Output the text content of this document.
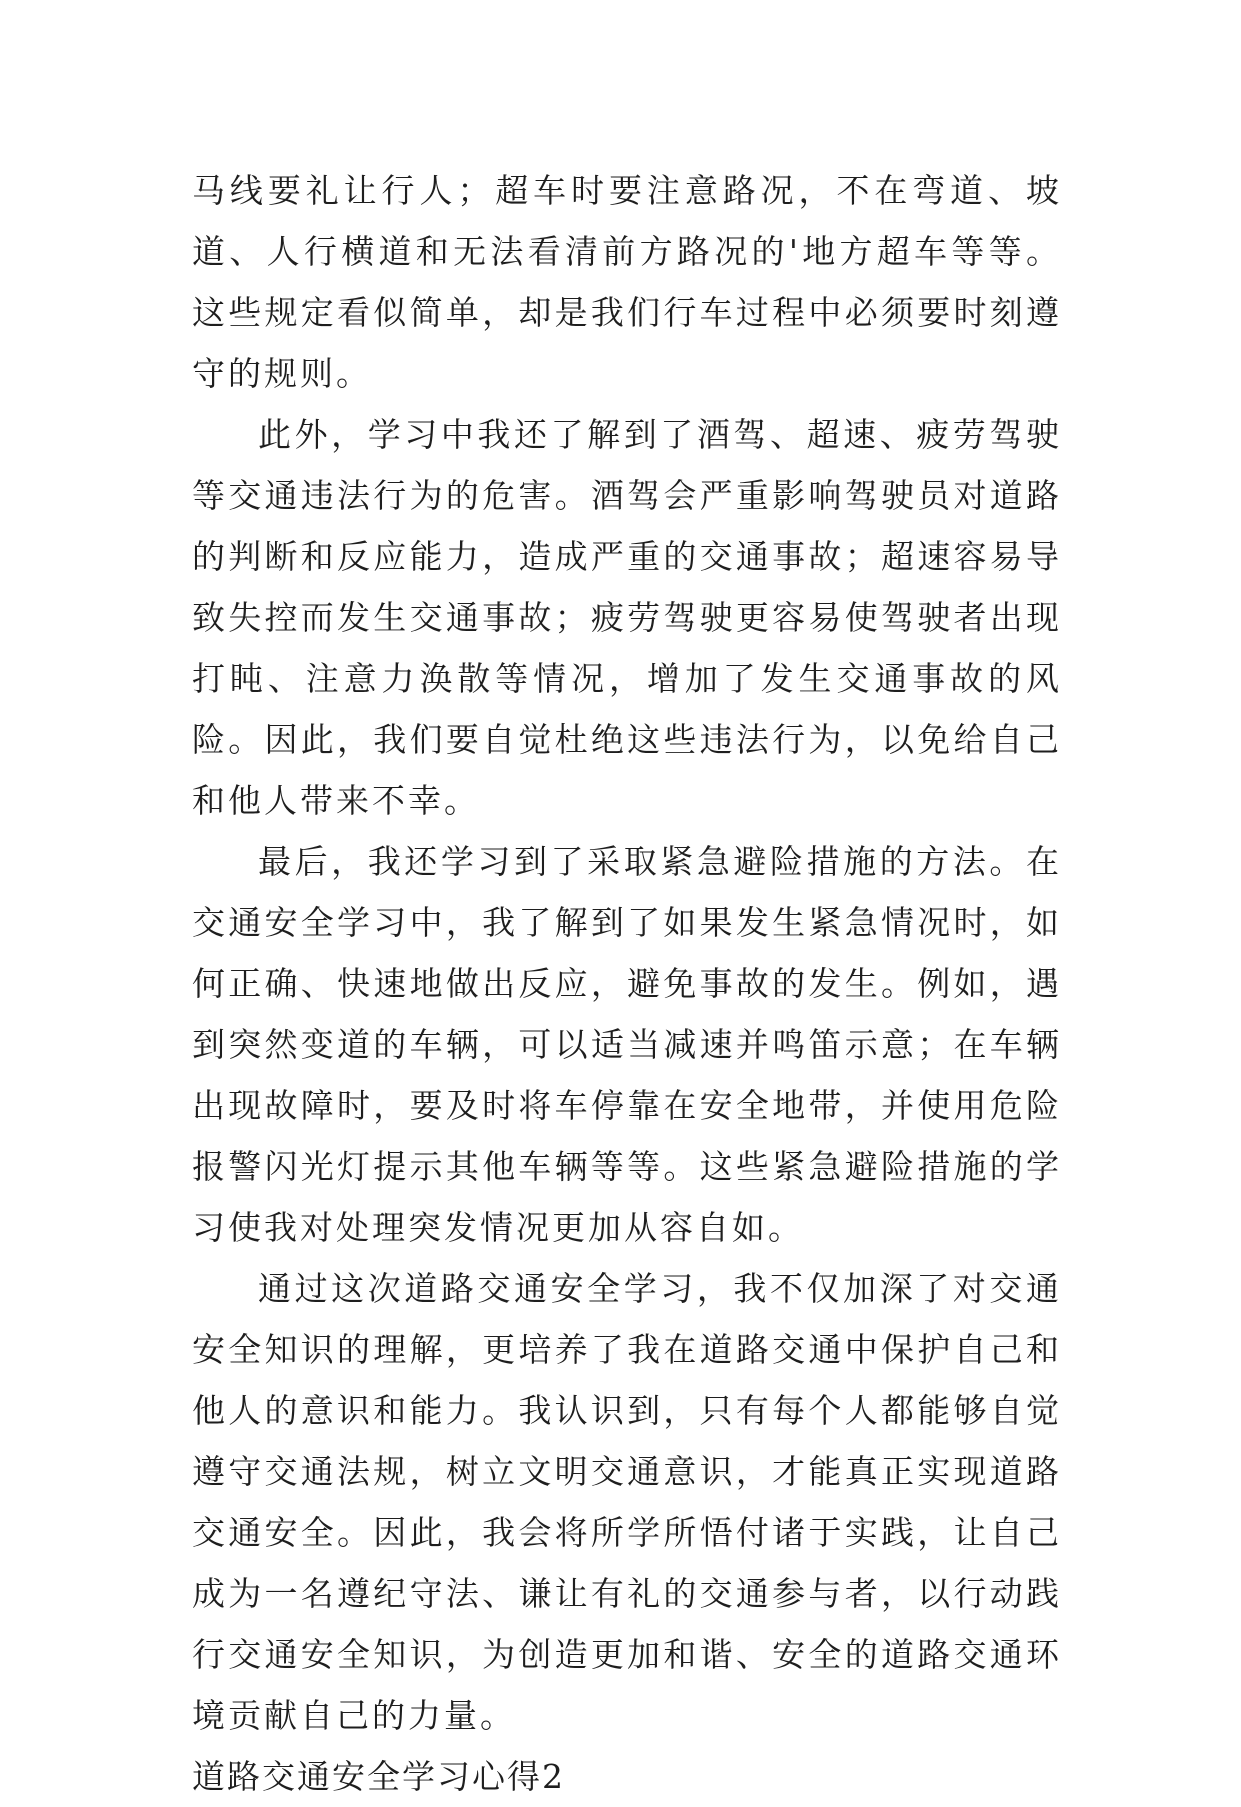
马线要礼让行人；超车时要注意路况，不在弯道、坡道、人行横道和无法看清前方路况的'地方超车等等。这些规定看似简单，却是我们行车过程中必须要时刻遵守的规则。

此外，学习中我还了解到了酒驾、超速、疲劳驾驶等交通违法行为的危害。酒驾会严重影响驾驶员对道路的判断和反应能力，造成严重的交通事故；超速容易导致失控而发生交通事故；疲劳驾驶更容易使驾驶者出现打盹、注意力涣散等情况，增加了发生交通事故的风险。因此，我们要自觉杜绝这些违法行为，以免给自己和他人带来不幸。

最后，我还学习到了采取紧急避险措施的方法。在交通安全学习中，我了解到了如果发生紧急情况时，如何正确、快速地做出反应，避免事故的发生。例如，遇到突然变道的车辆，可以适当减速并鸣笛示意；在车辆出现故障时，要及时将车停靠在安全地带，并使用危险报警闪光灯提示其他车辆等等。这些紧急避险措施的学习使我对处理突发情况更加从容自如。

通过这次道路交通安全学习，我不仅加深了对交通安全知识的理解，更培养了我在道路交通中保护自己和他人的意识和能力。我认识到，只有每个人都能够自觉遵守交通法规，树立文明交通意识，才能真正实现道路交通安全。因此，我会将所学所悟付诸于实践，让自己成为一名遵纪守法、谦让有礼的交通参与者，以行动践行交通安全知识，为创造更加和谐、安全的道路交通环境贡献自己的力量。

道路交通安全学习心得2
